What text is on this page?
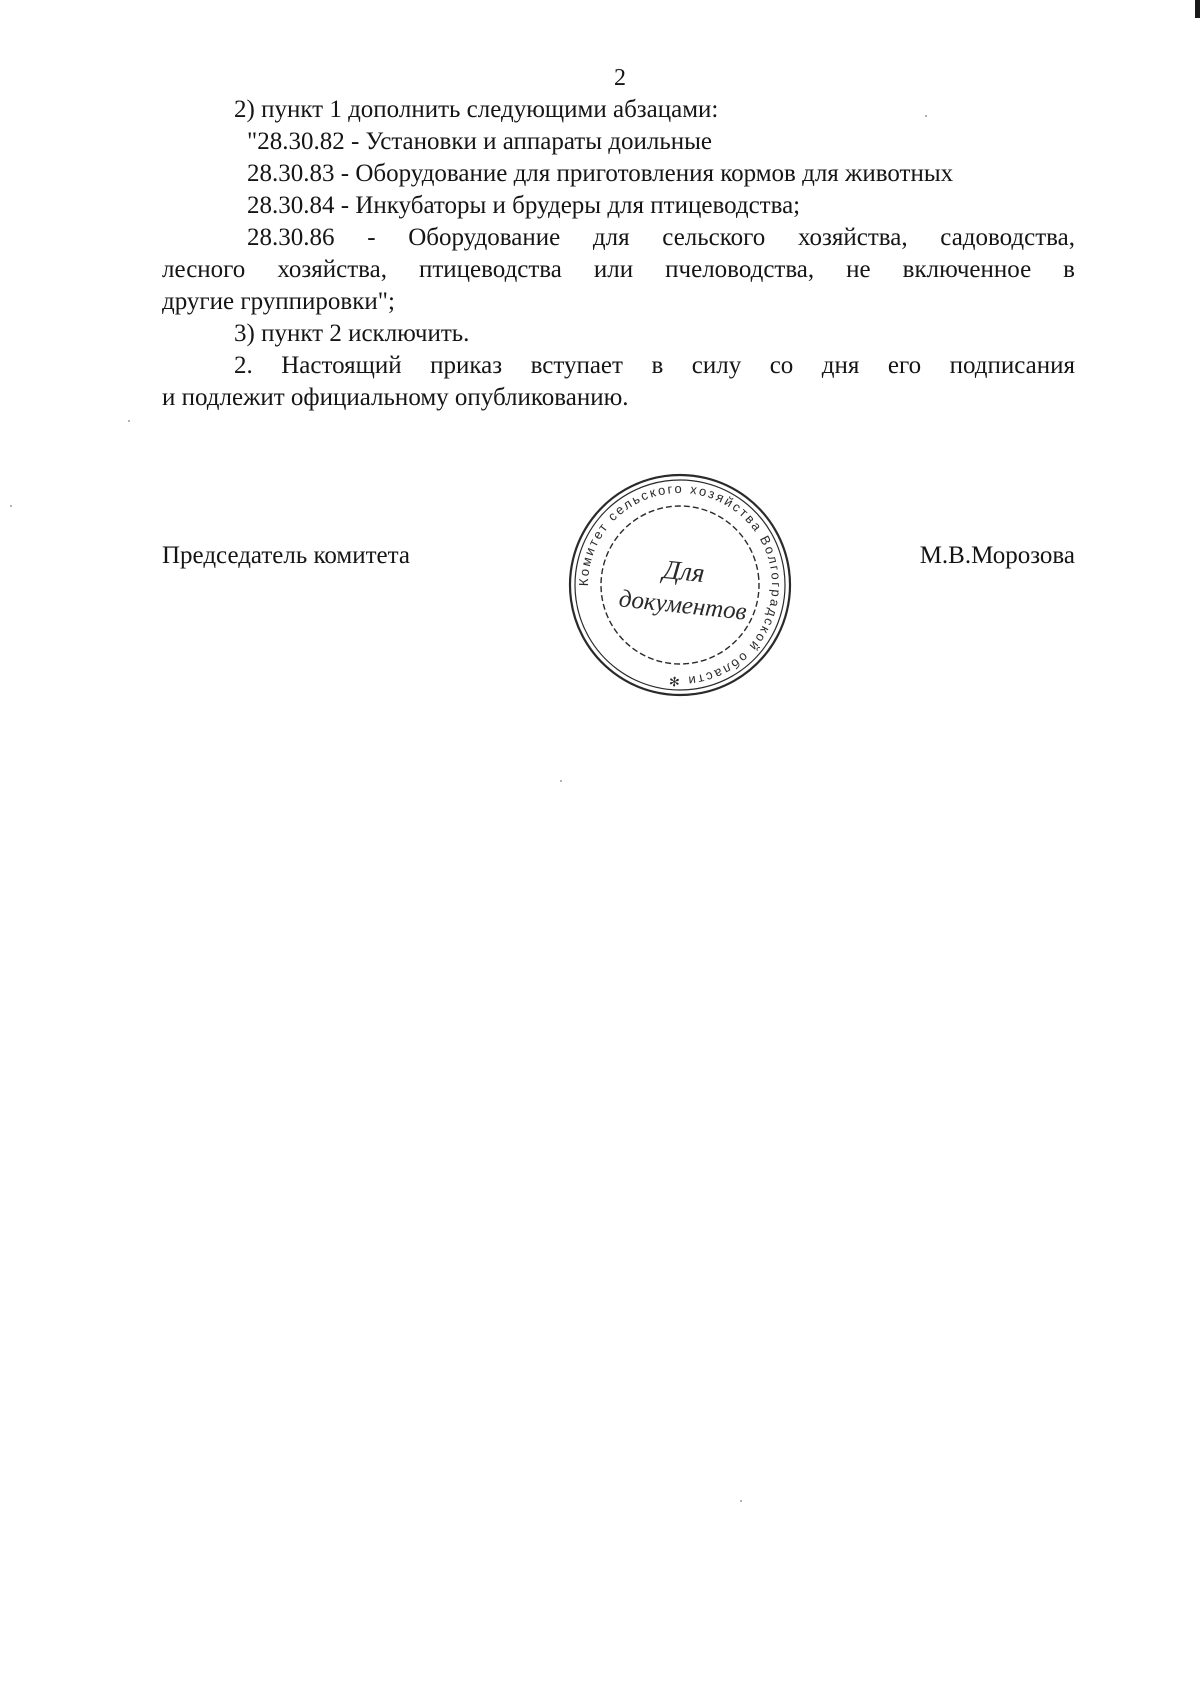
2
2) пункт 1 дополнить следующими абзацами:
"28.30.82 - Установки и аппараты доильные
28.30.83 - Оборудование для приготовления кормов для животных
28.30.84 - Инкубаторы и брудеры для птицеводства;
28.30.86 - Оборудование для сельского хозяйства, садоводства,
лесного хозяйства, птицеводства или пчеловодства, не включенное в
другие группировки";
3) пункт 2 исключить.
2. Настоящий приказ вступает в силу со дня его подписания
и подлежит официальному опубликованию.
Председатель комитета	М.В.Морозова
Комитет сельского хозяйства Волгоградской области ✻
Для
документов
